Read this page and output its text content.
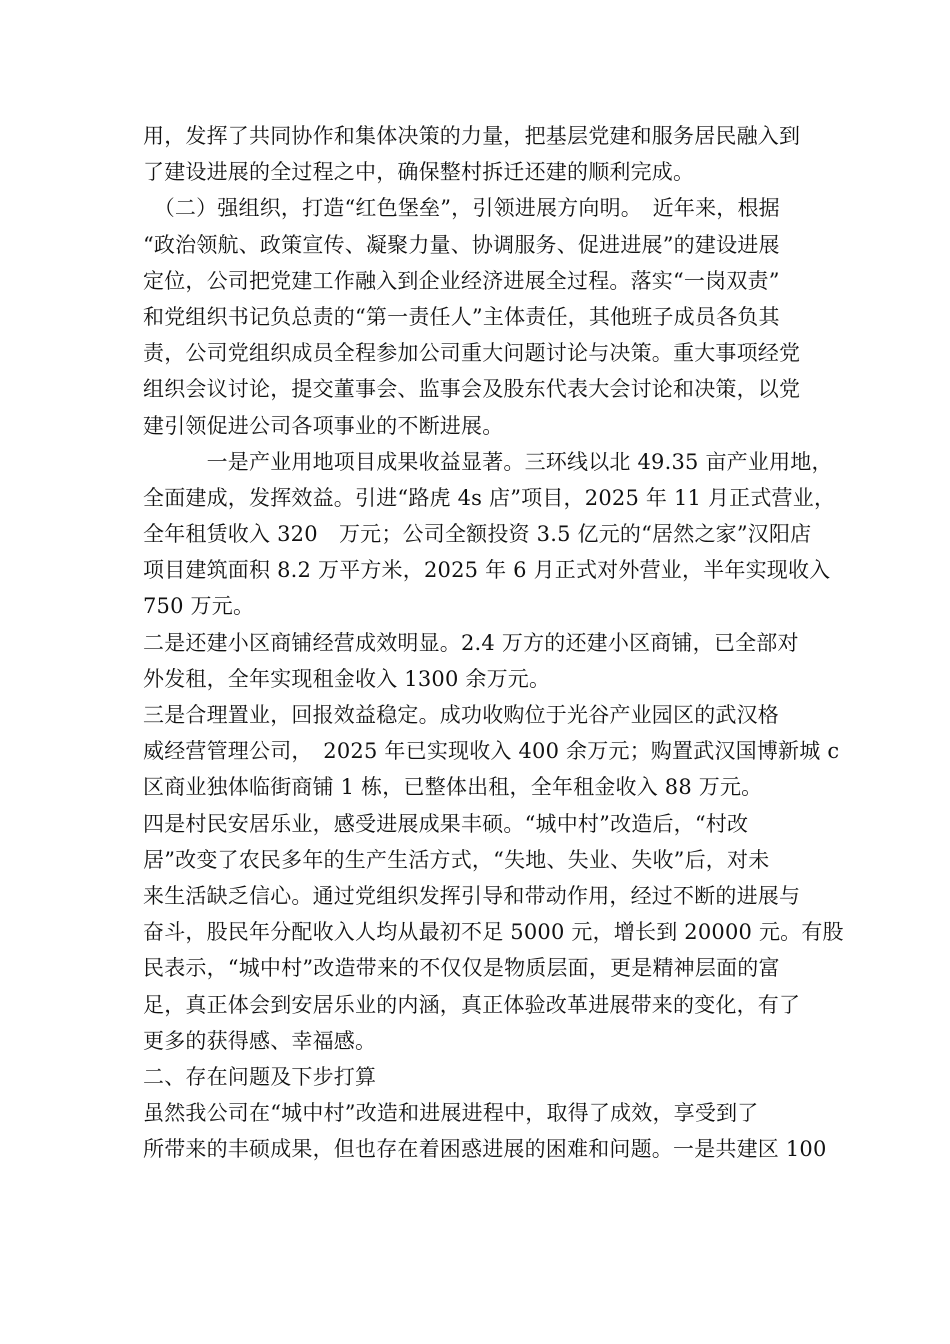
用，发挥了共同协作和集体决策的力量，把基层党建和服务居民融入到
了建设进展的全过程之中，确保整村拆迁还建的顺利完成。
　（二）强组织，打造“红色堡垒”，引领进展方向明。　近年来，根据
“政治领航、政策宣传、凝聚力量、协调服务、促进进展”的建设进展
定位，公司把党建工作融入到企业经济进展全过程。落实“一岗双责”
和党组织书记负总责的“第一责任人”主体责任，其他班子成员各负其
责，公司党组织成员全程参加公司重大问题讨论与决策。重大事项经党
组织会议讨论，提交董事会、监事会及股东代表大会讨论和决策，以党
建引领促进公司各项事业的不断进展。
　　　一是产业用地项目成果收益显著。三环线以北 49.35 亩产业用地，
全面建成，发挥效益。引进“路虎 4s 店”项目，2025 年 11 月正式营业，
全年租赁收入 320　万元；公司全额投资 3.5 亿元的“居然之家”汉阳店
项目建筑面积 8.2 万平方米，2025 年 6 月正式对外营业，半年实现收入
750 万元。
二是还建小区商铺经营成效明显。2.4 万方的还建小区商铺，已全部对
外发租，全年实现租金收入 1300 余万元。
三是合理置业，回报效益稳定。成功收购位于光谷产业园区的武汉格
威经营管理公司，　2025 年已实现收入 400 余万元；购置武汉国博新城 c
区商业独体临街商铺 1 栋，已整体出租，全年租金收入 88 万元。
四是村民安居乐业，感受进展成果丰硕。“城中村”改造后，“村改
居”改变了农民多年的生产生活方式，“失地、失业、失收”后，对未
来生活缺乏信心。通过党组织发挥引导和带动作用，经过不断的进展与
奋斗，股民年分配收入人均从最初不足 5000 元，增长到 20000 元。有股
民表示，“城中村”改造带来的不仅仅是物质层面，更是精神层面的富
足，真正体会到安居乐业的内涵，真正体验改革进展带来的变化，有了
更多的获得感、幸福感。
二、存在问题及下步打算
虽然我公司在“城中村”改造和进展进程中，取得了成效，享受到了
所带来的丰硕成果，但也存在着困惑进展的困难和问题。一是共建区 100
